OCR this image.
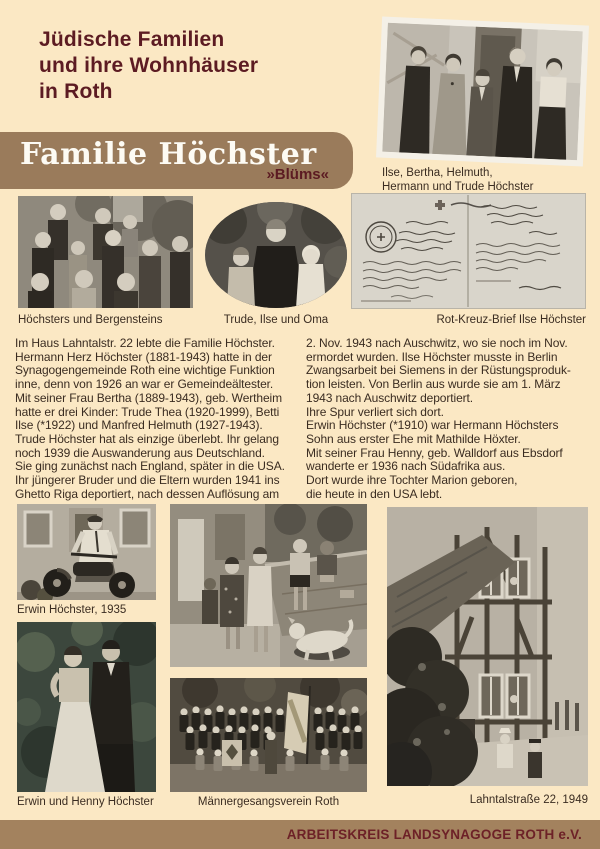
Jüdische Familien
und ihre Wohnhäuser
in Roth
Ilse, Bertha, Helmuth,
Hermann und Trude Höchster
Familie Höchster
»Blüms«
Höchsters und Bergensteins	Trude, Ilse und Oma	Rot-Kreuz-Brief Ilse Höchster
Im Haus Lahntalstr. 22 lebte die Familie Höchster.
Hermann Herz Höchster (1881-1943) hatte in der
Synagogengemeinde Roth eine wichtige Funktion
inne, denn von 1926 an war er Gemeindeältester.
Mit seiner Frau Bertha (1889-1943), geb. Wertheim
hatte er drei Kinder: Trude Thea (1920-1999), Betti
Ilse (*1922) und Manfred Helmuth (1927-1943).
Trude Höchster hat als einzige überlebt. Ihr gelang
noch 1939 die Auswanderung aus Deutschland.
Sie ging zunächst nach England, später in die USA.
Ihr jüngerer Bruder und die Eltern wurden 1941 ins
Ghetto Riga deportiert, nach dessen Auflösung am
2. Nov. 1943 nach Auschwitz, wo sie noch im Nov.
ermordet wurden. Ilse Höchster musste in Berlin
Zwangsarbeit bei Siemens in der Rüstungsproduk-
tion leisten. Von Berlin aus wurde sie am 1. März
1943 nach Auschwitz deportiert.
Ihre Spur verliert sich dort.
Erwin Höchster (*1910) war Hermann Höchsters
Sohn aus erster Ehe mit Mathilde Höxter.
Mit seiner Frau Henny, geb. Walldorf aus Ebsdorf
wanderte er 1936 nach Südafrika aus.
Dort wurde ihre Tochter Marion geboren,
die heute in den USA lebt.
Erwin Höchster, 1935
Erwin und Henny Höchster	Männergesangsverein Roth	Lahntalstraße 22, 1949
ARBEITSKREIS LANDSYNAGOGE ROTH e.V.
